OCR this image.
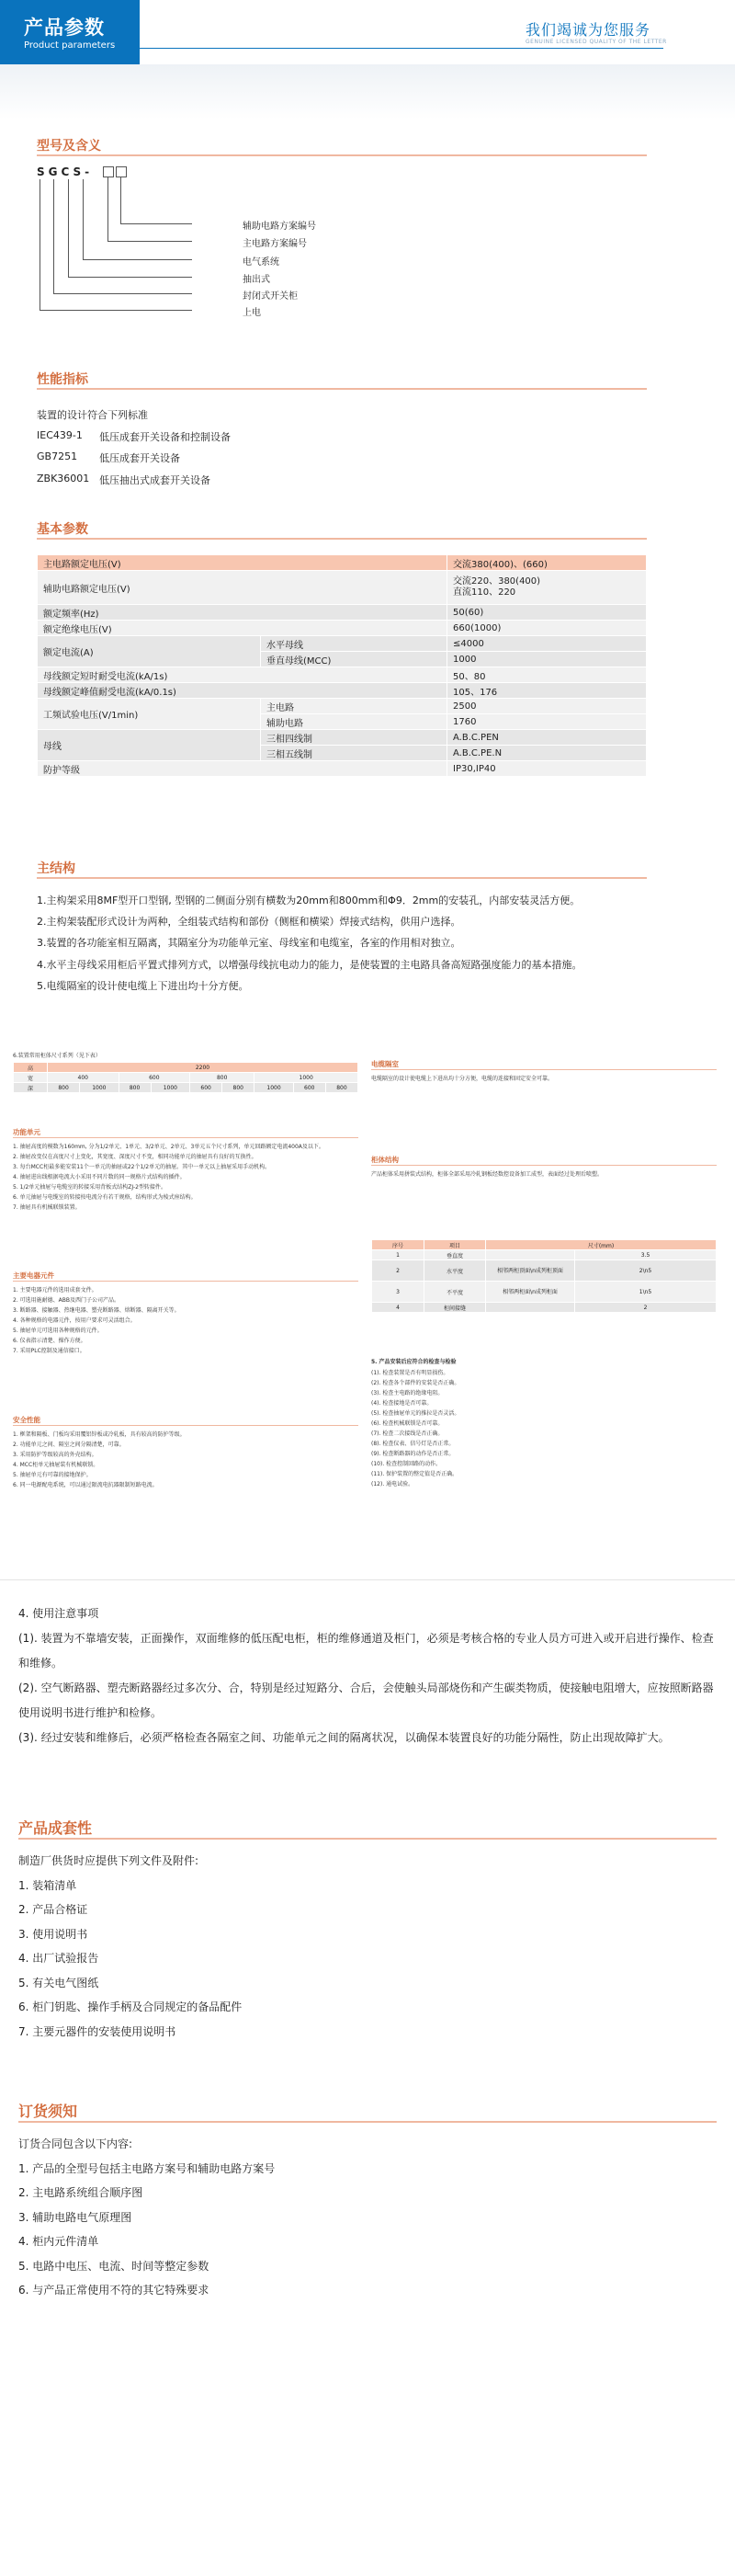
产品参数
Product parameters
我们竭诚为您服务
GENUINE LICENSED QUALITY OF THE LETTER
型号及含义
SGCS-
辅助电路方案编号
主电路方案编号
电气系统
抽出式
封闭式开关柜
上电
性能指标
装置的设计符合下列标准
IEC439-1 低压成套开关设备和控制设备
GB7251 低压成套开关设备
ZBK36001 低压抽出式成套开关设备
基本参数
主电路额定电压(V)		交流380(400)、(660)
辅助电路额定电压(V)		交流220、380(400)
直流110、220
额定频率(Hz)		50(60)
额定绝缘电压(V)		660(1000)
额定电流(A)	水平母线	≤4000
	垂直母线(MCC)	1000
母线额定短时耐受电流(kA/1s)		50、80
母线额定峰值耐受电流(kA/0.1s)		105、176
工频试验电压(V/1min)	主电路	2500
	辅助电路	1760
母线	三相四线制	A.B.C.PEN
	三相五线制	A.B.C.PE.N
防护等级		IP30,IP40
主结构
1.主构架采用8MF型开口型钢, 型钢的二侧面分别有横数为20mm和800mm和Φ9．2mm的安装孔，内部安装灵活方便。
2.主构架装配形式设计为两种，全组装式结构和部份（侧框和横梁）焊接式结构，供用户选择。
3.装置的各功能室相互隔离，其隔室分为功能单元室、母线室和电缆室，各室的作用相对独立。
4.水平主母线采用柜后平置式排列方式，以增强母线抗电动力的能力，是使装置的主电路具备高短路强度能力的基本措施。
5.电缆隔室的设计使电缆上下进出均十分方便。
6.装置常用柜体尺寸系列（见下表）
高	2200								
宽	400		600		800		1000		
深	800	1000	800	1000	600	800	1000	600	800
功能单元
1. 抽屉高度的模数为160mm, 分为1/2单元、1单元、3/2单元、2单元、3单元五个尺寸系列，单元回路额定电流400A及以下。
2. 抽屉改变仅在高度尺寸上变化，其宽度、深度尺寸不变，相同功能单元的抽屉具有良好的互换性。
3. 每台MCC柜最多能安装11个一单元的抽屉或22个1/2单元的抽屉。其中一单元以上抽屉采用手动机构。
4. 抽屉进出线根据电流大小采用不同片数的同一规格片式结构的插件。
5. 1/2单元抽屉与电缆室的转接采用背板式结构ZJ-2型转接件。
6. 单元抽屉与电缆室的转接按电流分有若干规格，结构形式为棱式座结构。
7. 抽屉具有机械联锁装置。
主要电器元件
1. 主要电器元件的选用成套文件。
2. 可选用施耐德、ABB及西门子公司产品。
3. 断路器、接触器、热继电器、塑壳断路器、熔断器、隔离开关等。
4. 各种规格的电器元件，按用户要求可灵活组合。
5. 抽屉单元可选用各种规格的元件。
6. 仪表指示清楚、操作方便。
7. 采用PLC控制及通信接口。
安全性能
1. 框架和隔板、门板均采用覆铝锌板或冷轧板，具有较高的防护等级。
2. 功能单元之间、隔室之间分隔清楚，可靠。
3. 采用防护等级较高的外壳结构。
4. MCC柜单元抽屉装有机械联锁。
5. 抽屉单元有可靠的接地保护。
6. 同一电源配电系统，可以通过限流电抗器限制短路电流。
电缆隔室
电缆隔室的设计使电缆上下进出均十分方便，电缆的连接和固定安全可靠。
柜体结构
产品柜体采用拼装式结构，柜体全部采用冷轧钢板经数控设备加工成型，表面经过处理后喷塑。
序号	项目	尺寸(mm)	
1	垂直度		3.5
2	水平度	相邻两柜顶面\n成列柜顶面	2\n5
3	不平度	相邻两柜面\n成列柜面	1\n5
4	柜间接缝		2
5. 产品安装后应符合的检查与检验
(1). 检查装置是否有明显损伤。
(2). 检查各个部件的安装是否正确。
(3). 检查主电路的绝缘电阻。
(4). 检查接地是否可靠。
(5). 检查抽屉单元的推拉是否灵活。
(6). 检查机械联锁是否可靠。
(7). 检查二次接线是否正确。
(8). 检查仪表、信号灯是否正常。
(9). 检查断路器的动作是否正常。
(10). 检查控制回路的动作。
(11). 保护装置的整定值是否正确。
(12). 通电试验。
4. 使用注意事项
(1). 装置为不靠墙安装，正面操作，双面维修的低压配电柜，柜的维修通道及柜门，必须是考核合格的专业人员方可进入或开启进行操作、检查和维修。
(2). 空气断路器、塑壳断路器经过多次分、合，特别是经过短路分、合后，会使触头局部烧伤和产生碳类物质，使接触电阻增大，应按照断路器使用说明书进行维护和检修。
(3). 经过安装和维修后，必须严格检查各隔室之间、功能单元之间的隔离状况，以确保本装置良好的功能分隔性，防止出现故障扩大。
产品成套性
制造厂供货时应提供下列文件及附件:
1. 装箱清单
2. 产品合格证
3. 使用说明书
4. 出厂试验报告
5. 有关电气图纸
6. 柜门钥匙、操作手柄及合同规定的备品配件
7. 主要元器件的安装使用说明书
订货须知
订货合同包含以下内容:
1. 产品的全型号包括主电路方案号和辅助电路方案号
2. 主电路系统组合顺序图
3. 辅助电路电气原理图
4. 柜内元件清单
5. 电路中电压、电流、时间等整定参数
6. 与产品正常使用不符的其它特殊要求
